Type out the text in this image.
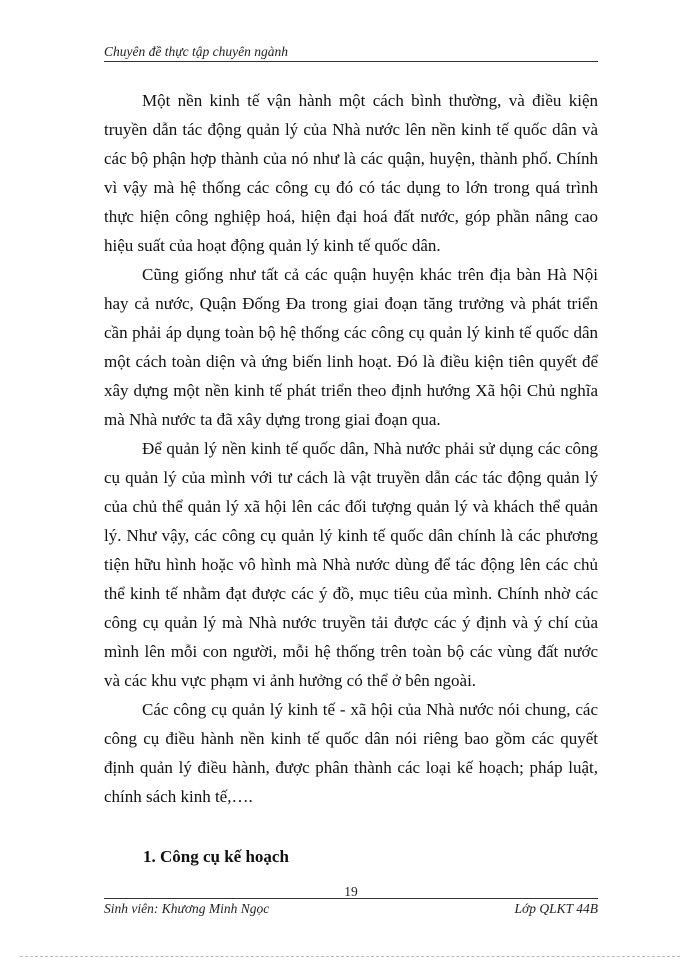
Chuyên đề thực tập chuyên ngành

Một nền kinh tế vận hành một cách bình thường, và điều kiện truyền dẫn tác động quản lý của Nhà nước lên nền kinh tế quốc dân và các bộ phận hợp thành của nó như là các quận, huyện, thành phố. Chính vì vậy mà hệ thống các công cụ đó có tác dụng to lớn trong quá trình thực hiện công nghiệp hoá, hiện đại hoá đất nước, góp phần nâng cao hiệu suất của hoạt động quản lý kinh tế quốc dân.

Cũng giống như tất cả các quận huyện khác trên địa bàn Hà Nội hay cả nước, Quận Đống Đa trong giai đoạn tăng trưởng và phát triển cần phải áp dụng toàn bộ hệ thống các công cụ quản lý kinh tế quốc dân một cách toàn diện và ứng biến linh hoạt. Đó là điều kiện tiên quyết để xây dựng một nền kinh tế phát triển theo định hướng Xã hội Chủ nghĩa mà Nhà nước ta đã xây dựng trong giai đoạn qua.

Để quản lý nền kinh tế quốc dân, Nhà nước phải sử dụng các công cụ quản lý của mình với tư cách là vật truyền dẫn các tác động quản lý của chủ thể quản lý xã hội lên các đối tượng quản lý và khách thể quản lý. Như vậy, các công cụ quản lý kinh tế quốc dân chính là các phương tiện hữu hình hoặc vô hình mà Nhà nước dùng để tác động lên các chủ thể kinh tế nhằm đạt được các ý đồ, mục tiêu của mình. Chính nhờ các công cụ quản lý mà Nhà nước truyền tải được các ý định và ý chí của mình lên mỗi con người, mỗi hệ thống trên toàn bộ các vùng đất nước và các khu vực phạm vi ảnh hưởng có thể ở bên ngoài.

Các công cụ quản lý kinh tế - xã hội của Nhà nước nói chung, các công cụ điều hành nền kinh tế quốc dân nói riêng bao gồm các quyết định quản lý điều hành, được phân thành các loại kế hoạch; pháp luật, chính sách kinh tế,….

1. Công cụ kế hoạch
19
Sinh viên: Khương Minh Ngọc	Lớp QLKT 44B
